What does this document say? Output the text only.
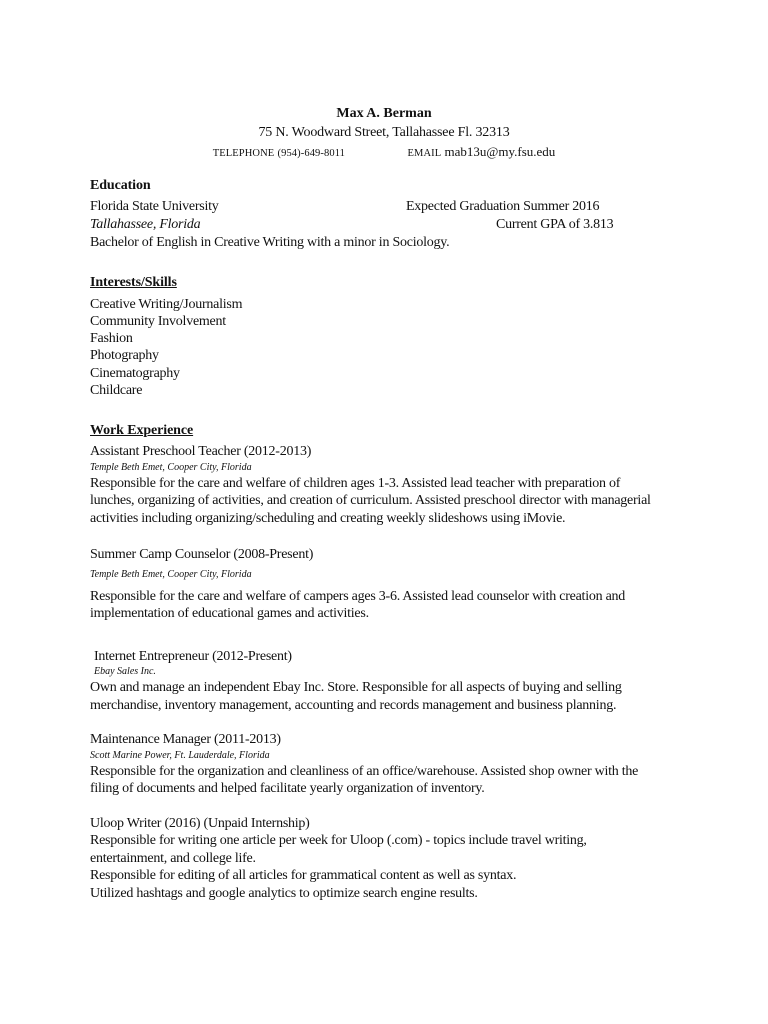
Max A. Berman
75 N. Woodward Street, Tallahassee Fl. 32313
TELEPHONE (954)-649-8011	EMAIL mab13u@my.fsu.edu
Education
Florida State University	Expected Graduation Summer 2016
Tallahassee, Florida	Current GPA of 3.813
Bachelor of English in Creative Writing with a minor in Sociology.
Interests/Skills
Creative Writing/Journalism
Community Involvement
Fashion
Photography
Cinematography
Childcare
Work Experience
Assistant Preschool Teacher (2012-2013)
Temple Beth Emet, Cooper City, Florida
Responsible for the care and welfare of children ages 1-3. Assisted lead teacher with preparation of
lunches, organizing of activities, and creation of curriculum. Assisted preschool director with managerial
activities including organizing/scheduling and creating weekly slideshows using iMovie.
Summer Camp Counselor (2008-Present)
Temple Beth Emet, Cooper City, Florida
Responsible for the care and welfare of campers ages 3-6. Assisted lead counselor with creation and
implementation of educational games and activities.
Internet Entrepreneur (2012-Present)
Ebay Sales Inc.
Own and manage an independent Ebay Inc. Store. Responsible for all aspects of buying and selling
merchandise, inventory management, accounting and records management and business planning.
Maintenance Manager (2011-2013)
Scott Marine Power, Ft. Lauderdale, Florida
Responsible for the organization and cleanliness of an office/warehouse. Assisted shop owner with the
filing of documents and helped facilitate yearly organization of inventory.
Uloop Writer (2016) (Unpaid Internship)
Responsible for writing one article per week for Uloop (.com) - topics include travel writing,
entertainment, and college life.
Responsible for editing of all articles for grammatical content as well as syntax.
Utilized hashtags and google analytics to optimize search engine results.
